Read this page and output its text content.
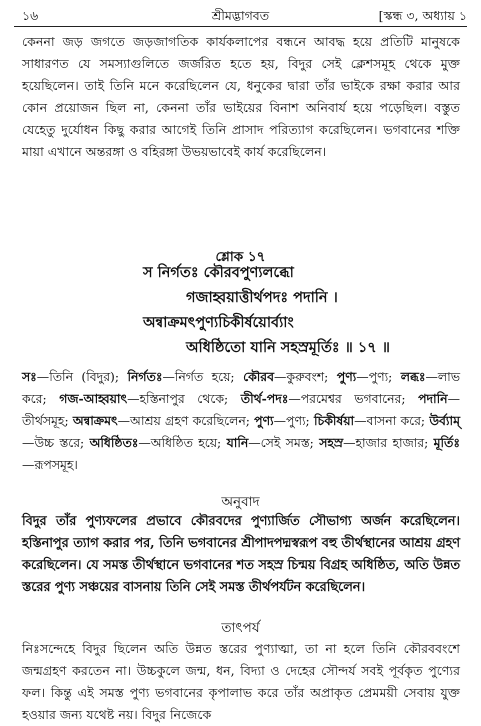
১৬	শ্রীমদ্ভাগবত	[স্কন্ধ ৩, অধ্যায় ১
কেননা জড় জগতে জড়জাগতিক কার্যকলাপের বন্ধনে আবদ্ধ হয়ে প্রতিটি মানুষকে সাধারণত যে সমস্যাগুলিতে জর্জরিত হতে হয়, বিদুর সেই ক্লেশসমূহ থেকে মুক্ত হয়েছিলেন। তাই তিনি মনে করেছিলেন যে, ধনুকের দ্বারা তাঁর ভাইকে রক্ষা করার আর কোন প্রয়োজন ছিল না, কেননা তাঁর ভাইয়ের বিনাশ অনিবার্য হয়ে পড়েছিল। বস্তুত যেহেতু দুর্যোধন কিছু করার আগেই তিনি প্রাসাদ পরিত্যাগ করেছিলেন। ভগবানের শক্তি মায়া এখানে অন্তরঙ্গা ও বহিরঙ্গা উভয়ভাবেই কার্য করেছিলেন।
শ্লোক ১৭
স নির্গতঃ কৌরবপুণ্যলব্ধো
গজাহ্বয়াত্তীর্থপদঃ পদানি ।
অন্বাক্রমৎপুণ্যচিকীর্ষয়োর্ব্যাং
অধিষ্ঠিতো যানি সহস্রমূর্তিঃ ॥ ১৭ ॥
সঃ—তিনি (বিদুর); নির্গতঃ—নির্গত হয়ে; কৌরব—কুরুবংশ; পুণ্য—পুণ্য; লব্ধঃ—লাভ করে; গজ-আহ্বয়াৎ—হস্তিনাপুর থেকে; তীর্থ-পদঃ—পরমেশ্বর ভগবানের; পদানি—তীর্থসমূহ; অন্বাক্রমৎ—আশ্রয় গ্রহণ করেছিলেন; পুণ্য—পুণ্য; চিকীর্ষয়া—বাসনা করে; উর্ব্যাম্—উচ্চ স্তরে; অধিষ্ঠিতঃ—অধিষ্ঠিত হয়ে; যানি—সেই সমস্ত; সহস্র—হাজার হাজার; মূর্তিঃ—রূপসমূহ।
অনুবাদ
বিদুর তাঁর পুণ্যফলের প্রভাবে কৌরবদের পুণ্যার্জিত সৌভাগ্য অর্জন করেছিলেন। হস্তিনাপুর ত্যাগ করার পর, তিনি ভগবানের শ্রীপাদপদ্মস্বরূপ বহু তীর্থস্থানের আশ্রয় গ্রহণ করেছিলেন। যে সমস্ত তীর্থস্থানে ভগবানের শত সহস্র চিন্ময় বিগ্রহ অধিষ্ঠিত, অতি উন্নত স্তরের পুণ্য সঞ্চয়ের বাসনায় তিনি সেই সমস্ত তীর্থপর্যটন করেছিলেন।
তাৎপর্য
নিঃসন্দেহে বিদুর ছিলেন অতি উন্নত স্তরের পুণ্যাত্মা, তা না হলে তিনি কৌরববংশে জন্মগ্রহণ করতেন না। উচ্চকুলে জন্ম, ধন, বিদ্যা ও দেহের সৌন্দর্য সবই পূর্বকৃত পুণ্যের ফল। কিন্তু এই সমস্ত পুণ্য ভগবানের কৃপালাভ করে তাঁর অপ্রাকৃত প্রেমময়ী সেবায় যুক্ত হওয়ার জন্য যথেষ্ট নয়। বিদুর নিজেকে
